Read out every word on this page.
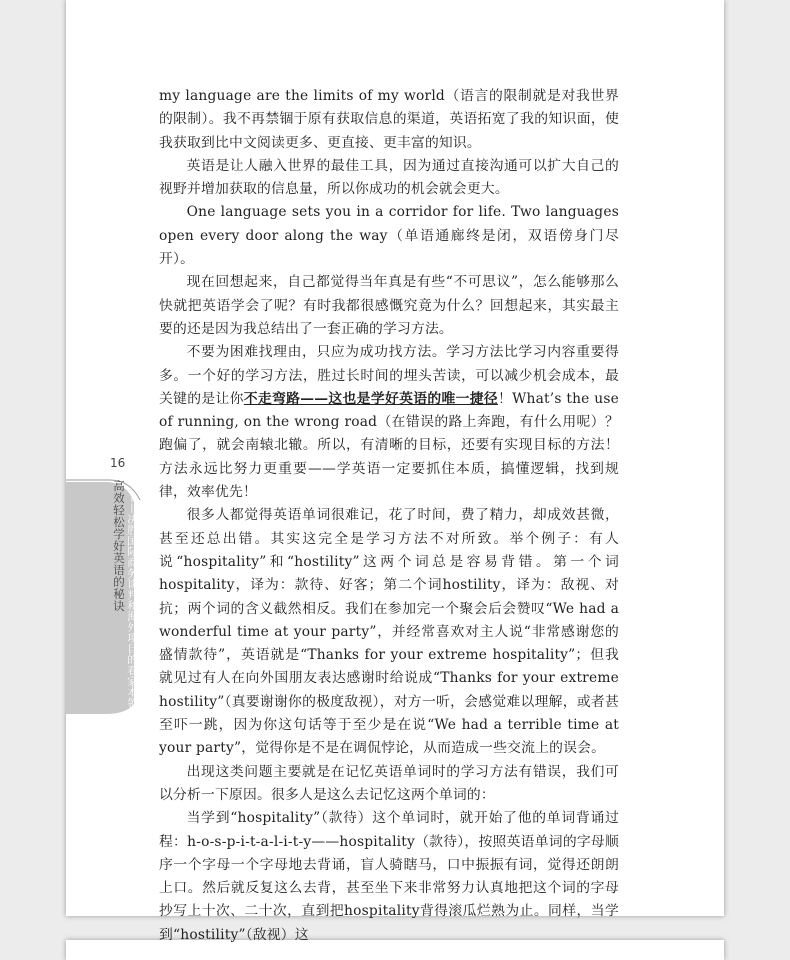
16
高效轻松学好英语的秘诀 ——决胜国际商务谈判和海外项目的看家本领

my language are the limits of my world（语言的限制就是对我世界的限制）。我不再禁锢于原有获取信息的渠道，英语拓宽了我的知识面，使我获取到比中文阅读更多、更直接、更丰富的知识。

英语是让人融入世界的最佳工具，因为通过直接沟通可以扩大自己的视野并增加获取的信息量，所以你成功的机会就会更大。

One language sets you in a corridor for life. Two languages open every door along the way（单语通廊终是闭，双语傍身门尽开）。

现在回想起来，自己都觉得当年真是有些“不可思议”，怎么能够那么快就把英语学会了呢？有时我都很感慨究竟为什么？回想起来，其实最主要的还是因为我总结出了一套正确的学习方法。

不要为困难找理由，只应为成功找方法。学习方法比学习内容重要得多。一个好的学习方法，胜过长时间的埋头苦读，可以减少机会成本，最关键的是让你不走弯路——这也是学好英语的唯一捷径！What’s the use of running, on the wrong road（在错误的路上奔跑，有什么用呢）？跑偏了，就会南辕北辙。所以，有清晰的目标，还要有实现目标的方法！方法永远比努力更重要——学英语一定要抓住本质，搞懂逻辑，找到规律，效率优先！

很多人都觉得英语单词很难记，花了时间，费了精力，却成效甚微，甚至还总出错。其实这完全是学习方法不对所致。举个例子：有人说“hospitality”和“hostility”这两个词总是容易背错。第一个词hospitality，译为：款待、好客；第二个词hostility，译为：敌视、对抗；两个词的含义截然相反。我们在参加完一个聚会后会赞叹“We had a wonderful time at your party”，并经常喜欢对主人说“非常感谢您的盛情款待”，英语就是“Thanks for your extreme hospitality”；但我就见过有人在向外国朋友表达感谢时给说成“Thanks for your extreme hostility”（真要谢谢你的极度敌视），对方一听，会感觉难以理解，或者甚至吓一跳，因为你这句话等于至少是在说“We had a terrible time at your party”，觉得你是不是在调侃悖论，从而造成一些交流上的误会。

出现这类问题主要就是在记忆英语单词时的学习方法有错误，我们可以分析一下原因。很多人是这么去记忆这两个单词的：

当学到“hospitality”（款待）这个单词时，就开始了他的单词背诵过程：h-o-s-p-i-t-a-l-i-t-y——hospitality（款待），按照英语单词的字母顺序一个字母一个字母地去背诵，盲人骑瞎马，口中振振有词，觉得还朗朗上口。然后就反复这么去背，甚至坐下来非常努力认真地把这个词的字母抄写上十次、二十次，直到把hospitality背得滚瓜烂熟为止。同样，当学到“hostility”（敌视）这
